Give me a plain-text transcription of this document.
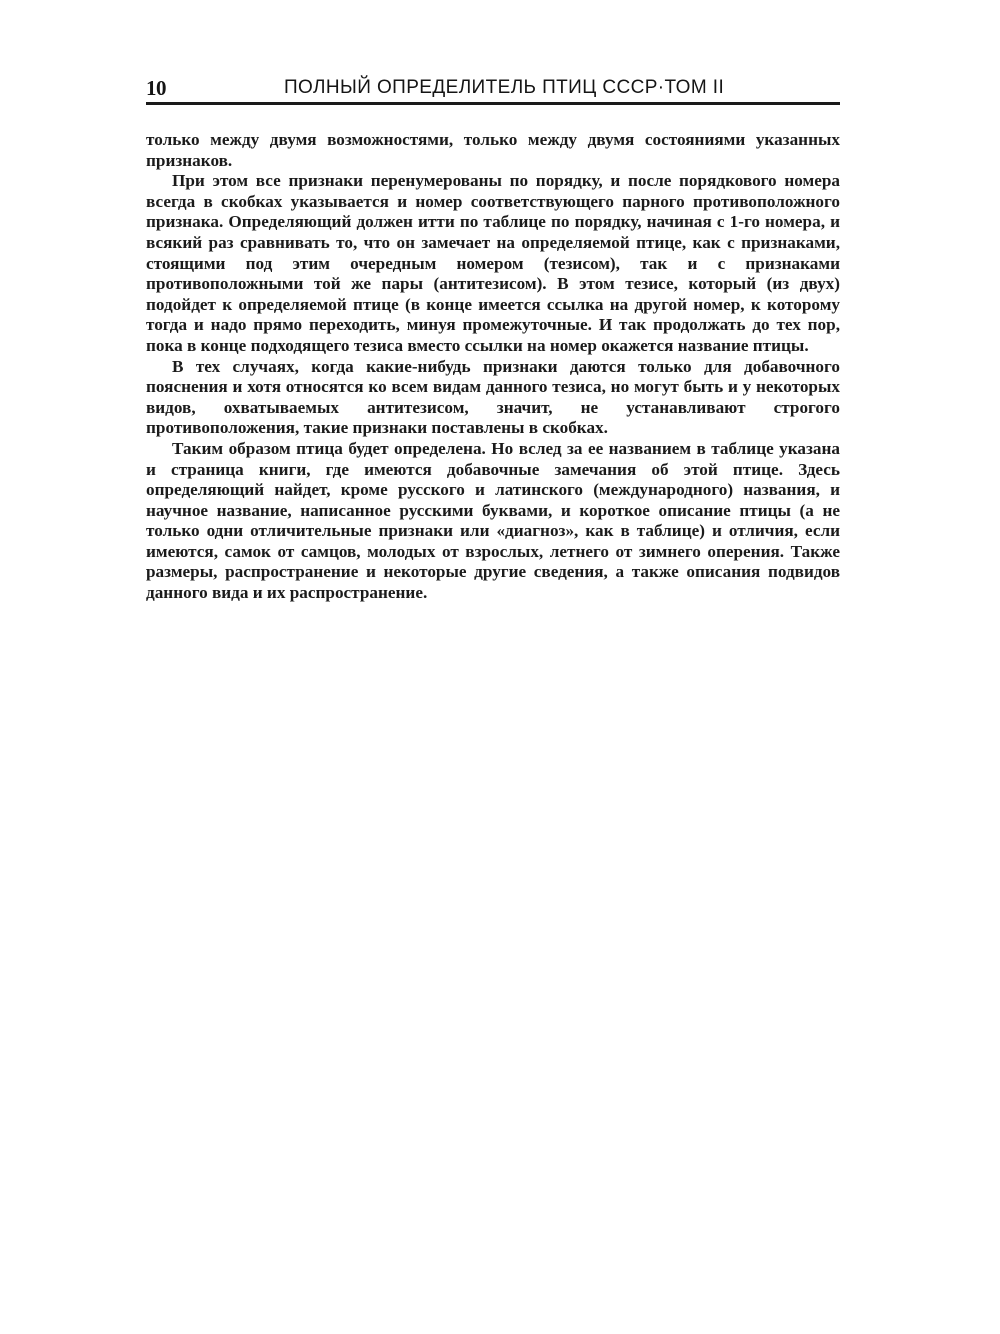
10	ПОЛНЫЙ ОПРЕДЕЛИТЕЛЬ ПТИЦ СССР·ТОМ II

только между двумя возможностями, только между двумя состояниями указанных признаков.

При этом все признаки перенумерованы по порядку, и после порядкового номера всегда в скобках указывается и номер соответствующего парного противоположного признака. Определяющий должен итти по таблице по порядку, начиная с 1-го номера, и всякий раз сравнивать то, что он замечает на определяемой птице, как с признаками, стоящими под этим очередным номером (тезисом), так и с признаками противоположными той же пары (антитезисом). В этом тезисе, который (из двух) подойдет к определяемой птице (в конце имеется ссылка на другой номер, к которому тогда и надо прямо переходить, минуя промежуточные. И так продолжать до тех пор, пока в конце подходящего тезиса вместо ссылки на номер окажется название птицы.

В тех случаях, когда какие-нибудь признаки даются только для добавочного пояснения и хотя относятся ко всем видам данного тезиса, но могут быть и у некоторых видов, охватываемых антитезисом, значит, не устанавливают строгого противоположения, такие признаки поставлены в скобках.

Таким образом птица будет определена. Но вслед за ее названием в таблице указана и страница книги, где имеются добавочные замечания об этой птице. Здесь определяющий найдет, кроме русского и латинского (международного) названия, и научное название, написанное русскими буквами, и короткое описание птицы (а не только одни отличительные признаки или «диагноз», как в таблице) и отличия, если имеются, самок от самцов, молодых от взрослых, летнего от зимнего оперения. Также размеры, распространение и некоторые другие сведения, а также описания подвидов данного вида и их распространение.
